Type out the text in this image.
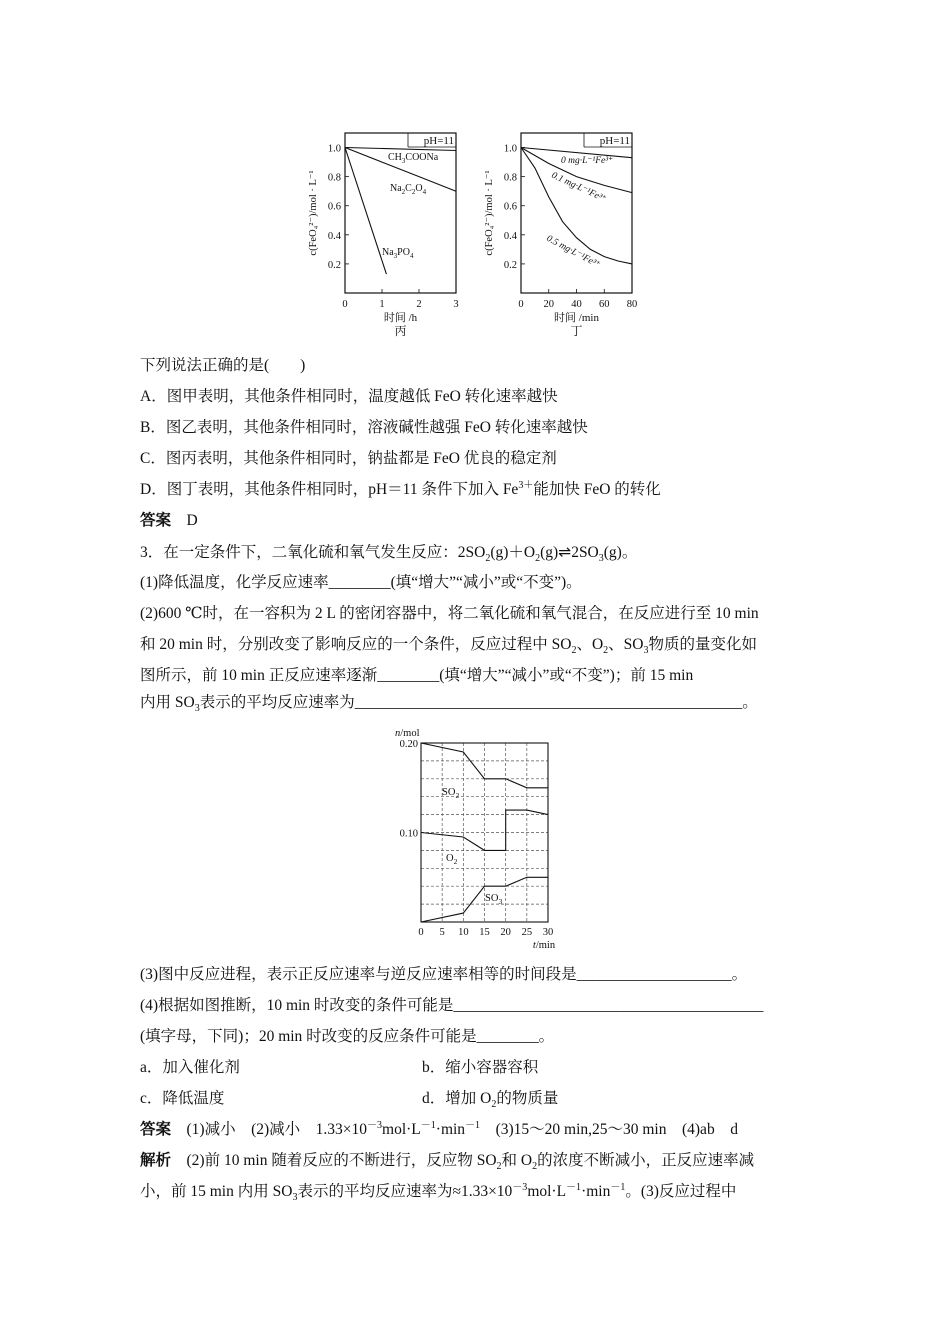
pH=11
0.2
0.4
0.6
0.8
1.0
0	1	2	3
时间 /h
丙
c(FeO₄²⁻)/mol · L⁻¹
$CH_3COONa$
$Na_2C_2O_4$
$Na_3PO_4$
pH=11
0.2
0.4
0.6
0.8
1.0
0 20 40 60 80
时间 /min
丁
c(FeO₄²⁻)/mol · L⁻¹
0 mg·L⁻¹Fe³⁺
0.1 mg·L⁻¹Fe³⁺
0.5 mg·L⁻¹Fe³⁺
n/mol
0.10
0.20
0 5 10 15 20 25 30
t/min
$SO_2$
$O_2$
$SO_3$
下列说法正确的是(　　)
A．图甲表明，其他条件相同时，温度越低 FeO 转化速率越快
B．图乙表明，其他条件相同时，溶液碱性越强 FeO 转化速率越快
C．图丙表明，其他条件相同时，钠盐都是 FeO 优良的稳定剂
D．图丁表明，其他条件相同时，pH＝11 条件下加入 $Fe^{3+}$能加快 FeO 的转化
答案　D
3．在一定条件下，二氧化硫和氧气发生反应：$2SO_2(g)+O_2(g)\rightleftharpoons 2SO_3(g)$。
(1)降低温度，化学反应速率________(填“增大”“减小”或“不变”)。
(2)600 ℃时，在一容积为 2 L 的密闭容器中，将二氧化硫和氧气混合，在反应进行至 10 min
和 20 min 时，分别改变了影响反应的一个条件，反应过程中 $SO_2$、$O_2$、$SO_3$物质的量变化如
图所示，前 10 min 正反应速率逐渐________(填“增大”“减小”或“不变”)；前 15 min
内用 $SO_3$表示的平均反应速率为__________________________________________________。
(3)图中反应进程，表示正反应速率与逆反应速率相等的时间段是____________________。
(4)根据如图推断，10 min 时改变的条件可能是________________________________________
(填字母，下同)；20 min 时改变的反应条件可能是________。
a．加入催化剂	b．缩小容器容积
c．降低温度	d．增加 $O_2$的物质量
答案　(1)减小　(2)减小　$1.33\times 10^{-3}mol\cdot L^{-1}\cdot\min^{-1}$　(3)15～20 min,25～30 min　(4)ab　d
解析　(2)前 10 min 随着反应的不断进行，反应物 $SO_2$和 $O_2$的浓度不断减小，正反应速率减
小，前 15 min 内用 $SO_3$表示的平均反应速率为$\approx 1.33\times 10^{-3}mol\cdot L^{-1}\cdot\min^{-1}$。(3)反应过程中
